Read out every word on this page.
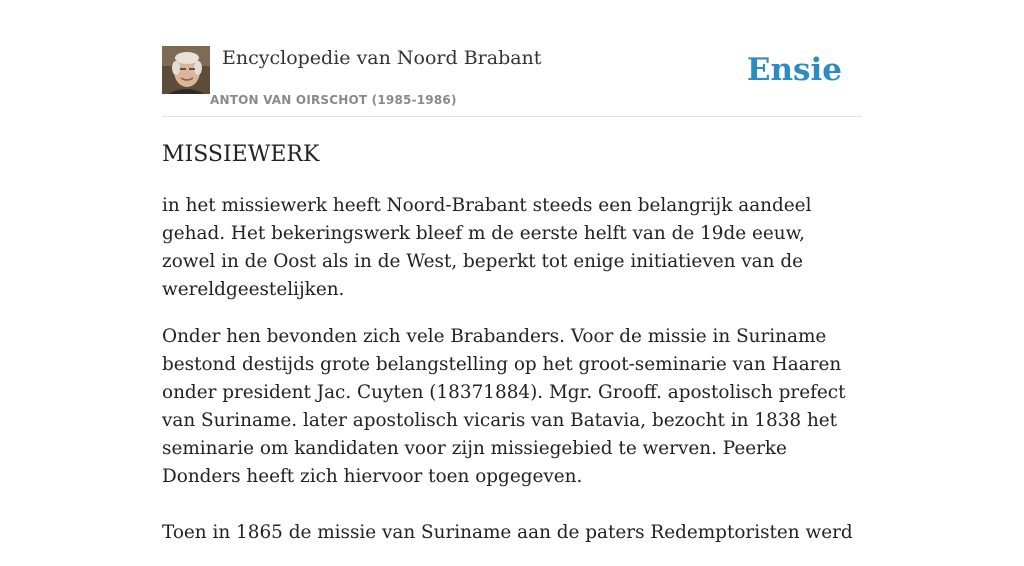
Encyclopedie van Noord Brabant
ANTON VAN OIRSCHOT (1985-1986)
Ensie
MISSIEWERK

in het missiewerk heeft Noord-Brabant steeds een belangrijk aandeel gehad. Het bekeringswerk bleef m de eerste helft van de 19de eeuw, zowel in de Oost als in de West, beperkt tot enige initiatieven van de wereldgeestelijken.

Onder hen bevonden zich vele Brabanders. Voor de missie in Suriname bestond destijds grote belangstelling op het groot-seminarie van Haaren onder president Jac. Cuyten (18371884). Mgr. Grooff. apostolisch prefect van Suriname. later apostolisch vicaris van Batavia, bezocht in 1838 het seminarie om kandidaten voor zijn missiegebied te werven. Peerke Donders heeft zich hiervoor toen opgegeven.

Toen in 1865 de missie van Suriname aan de paters Redemptoristen werd
